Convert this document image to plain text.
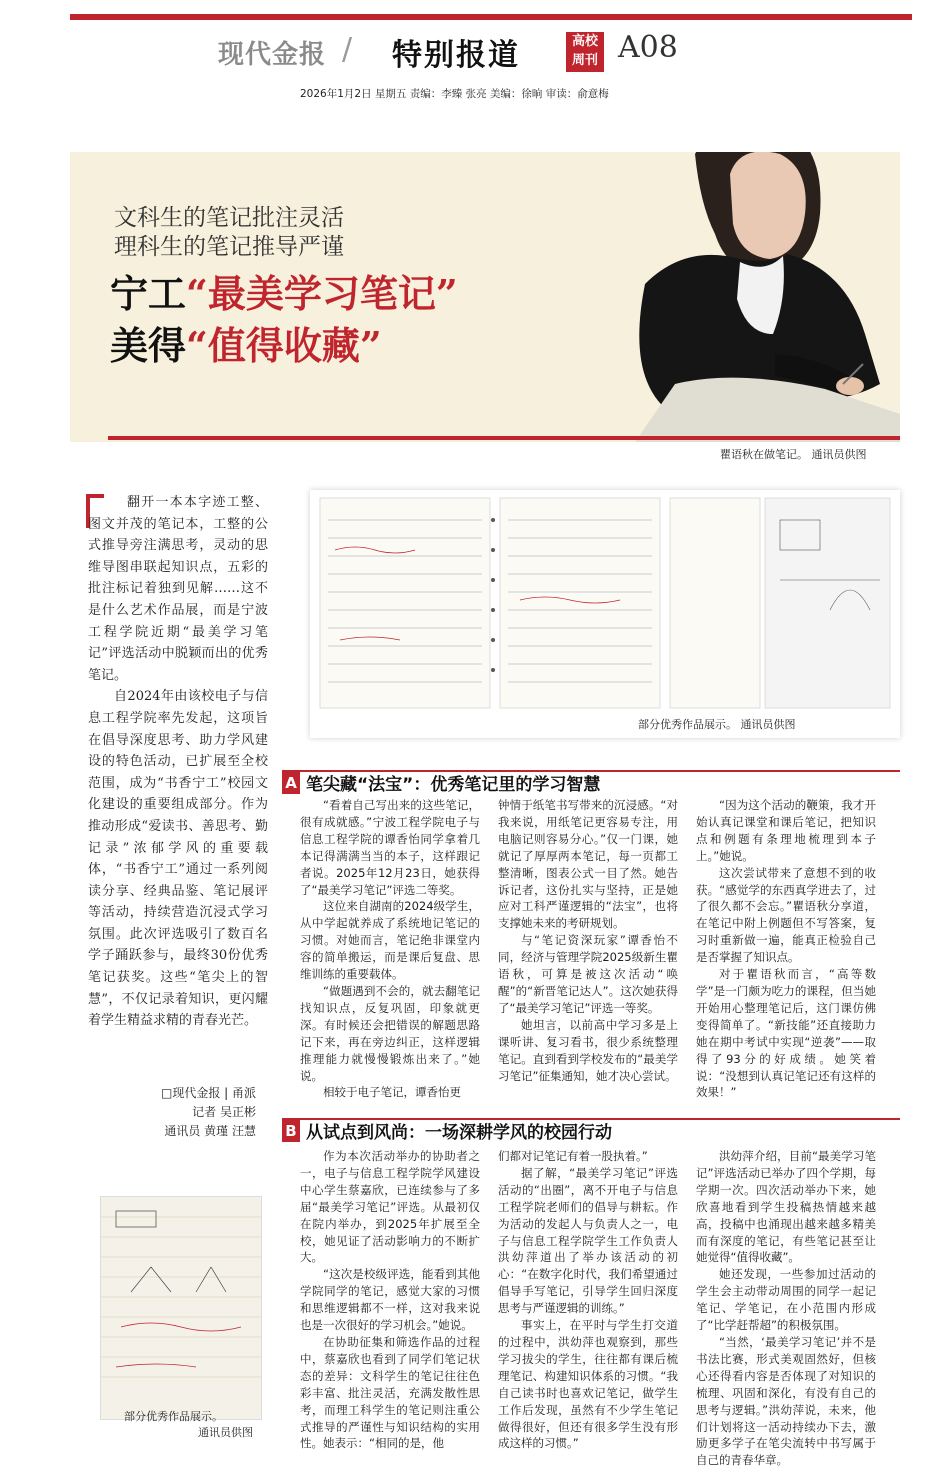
现代金报 / 特别报道	高校
周刊 A08
2026年1月2日 星期五 责编：李臻 张亮 美编：徐晌 审读：俞意梅
文科生的笔记批注灵活
理科生的笔记推导严谨
宁工“最美学习笔记”
美得“值得收藏”
瞿语秋在做笔记。 通讯员供图

翻开一本本字迹工整、图文并茂的笔记本，工整的公式推导旁注满思考，灵动的思维导图串联起知识点，五彩的批注标记着独到见解……这不是什么艺术作品展，而是宁波工程学院近期“最美学习笔记”评选活动中脱颖而出的优秀笔记。

自2024年由该校电子与信息工程学院率先发起，这项旨在倡导深度思考、助力学风建设的特色活动，已扩展至全校范围，成为“书香宁工”校园文化建设的重要组成部分。作为推动形成“爱读书、善思考、勤记录”浓郁学风的重要载体，“书香宁工”通过一系列阅读分享、经典品鉴、笔记展评等活动，持续营造沉浸式学习氛围。此次评选吸引了数百名学子踊跃参与，最终30份优秀笔记获奖。这些“笔尖上的智慧”，不仅记录着知识，更闪耀着学生精益求精的青春光芒。

□现代金报 | 甬派
记者 吴正彬
通讯员 黄瑾 汪慧
部分优秀作品展示。 通讯员供图
A 笔尖藏“法宝”：优秀笔记里的学习智慧

“看着自己写出来的这些笔记，很有成就感。”宁波工程学院电子与信息工程学院的谭香怡同学拿着几本记得满满当当的本子，这样跟记者说。2025年12月23日，她获得了“最美学习笔记”评选二等奖。

这位来自湖南的2024级学生，从中学起就养成了系统地记笔记的习惯。对她而言，笔记绝非课堂内容的简单搬运，而是课后复盘、思维训练的重要载体。

“做题遇到不会的，就去翻笔记找知识点，反复巩固，印象就更深。有时候还会把错误的解题思路记下来，再在旁边纠正，这样逻辑推理能力就慢慢锻炼出来了。”她说。

相较于电子笔记，谭香怡更

钟情于纸笔书写带来的沉浸感。“对我来说，用纸笔记更容易专注，用电脑记则容易分心。”仅一门课，她就记了厚厚两本笔记，每一页都工整清晰，图表公式一目了然。她告诉记者，这份扎实与坚持，正是她应对工科严谨逻辑的“法宝”，也将支撑她未来的考研规划。

与“笔记资深玩家”谭香怡不同，经济与管理学院2025级新生瞿语秋，可算是被这次活动“唤醒”的“新晋笔记达人”。这次她获得了“最美学习笔记”评选一等奖。

她坦言，以前高中学习多是上课听讲、复习看书，很少系统整理笔记。直到看到学校发布的“最美学习笔记”征集通知，她才决心尝试。

“因为这个活动的鞭策，我才开始认真记课堂和课后笔记，把知识点和例题有条理地梳理到本子上。”她说。

这次尝试带来了意想不到的收获。“感觉学的东西真学进去了，过了很久都不会忘。”瞿语秋分享道，在笔记中附上例题但不写答案，复习时重新做一遍，能真正检验自己是否掌握了知识点。

对于瞿语秋而言，“高等数学”是一门颇为吃力的课程，但当她开始用心整理笔记后，这门课仿佛变得简单了。“新技能”还直接助力她在期中考试中实现“逆袭”——取得了93分的好成绩。她笑着说：“没想到认真记笔记还有这样的效果！”

B 从试点到风尚：一场深耕学风的校园行动

作为本次活动举办的协助者之一，电子与信息工程学院学风建设中心学生蔡嘉欣，已连续参与了多届“最美学习笔记”评选。从最初仅在院内举办，到2025年扩展至全校，她见证了活动影响力的不断扩大。

“这次是校级评选，能看到其他学院同学的笔记，感觉大家的习惯和思维逻辑都不一样，这对我来说也是一次很好的学习机会。”她说。

在协助征集和筛选作品的过程中，蔡嘉欣也看到了同学们笔记状态的差异：文科学生的笔记往往色彩丰富、批注灵活，充满发散性思考，而理工科学生的笔记则注重公式推导的严谨性与知识结构的实用性。她表示：“相同的是，他

们都对记笔记有着一股执着。”

据了解，“最美学习笔记”评选活动的“出圈”，离不开电子与信息工程学院老师们的倡导与耕耘。作为活动的发起人与负责人之一，电子与信息工程学院学生工作负责人洪幼萍道出了举办该活动的初心：“在数字化时代，我们希望通过倡导手写笔记，引导学生回归深度思考与严谨逻辑的训练。”

事实上，在平时与学生打交道的过程中，洪幼萍也观察到，那些学习拔尖的学生，往往都有课后梳理笔记、构建知识体系的习惯。“我自己读书时也喜欢记笔记，做学生工作后发现，虽然有不少学生笔记做得很好，但还有很多学生没有形成这样的习惯。”

洪幼萍介绍，目前“最美学习笔记”评选活动已举办了四个学期，每学期一次。四次活动举办下来，她欣喜地看到学生投稿热情越来越高，投稿中也涌现出越来越多精美而有深度的笔记，有些笔记甚至让她觉得“值得收藏”。

她还发现，一些参加过活动的学生会主动带动周围的同学一起记笔记、学笔记，在小范围内形成了“比学赶帮超”的积极氛围。

“当然，‘最美学习笔记’并不是书法比赛，形式美观固然好，但核心还得看内容是否体现了对知识的梳理、巩固和深化，有没有自己的思考与逻辑。”洪幼萍说，未来，他们计划将这一活动持续办下去，激励更多学子在笔尖流转中书写属于自己的青春华章。

部分优秀作品展示。
通讯员供图
